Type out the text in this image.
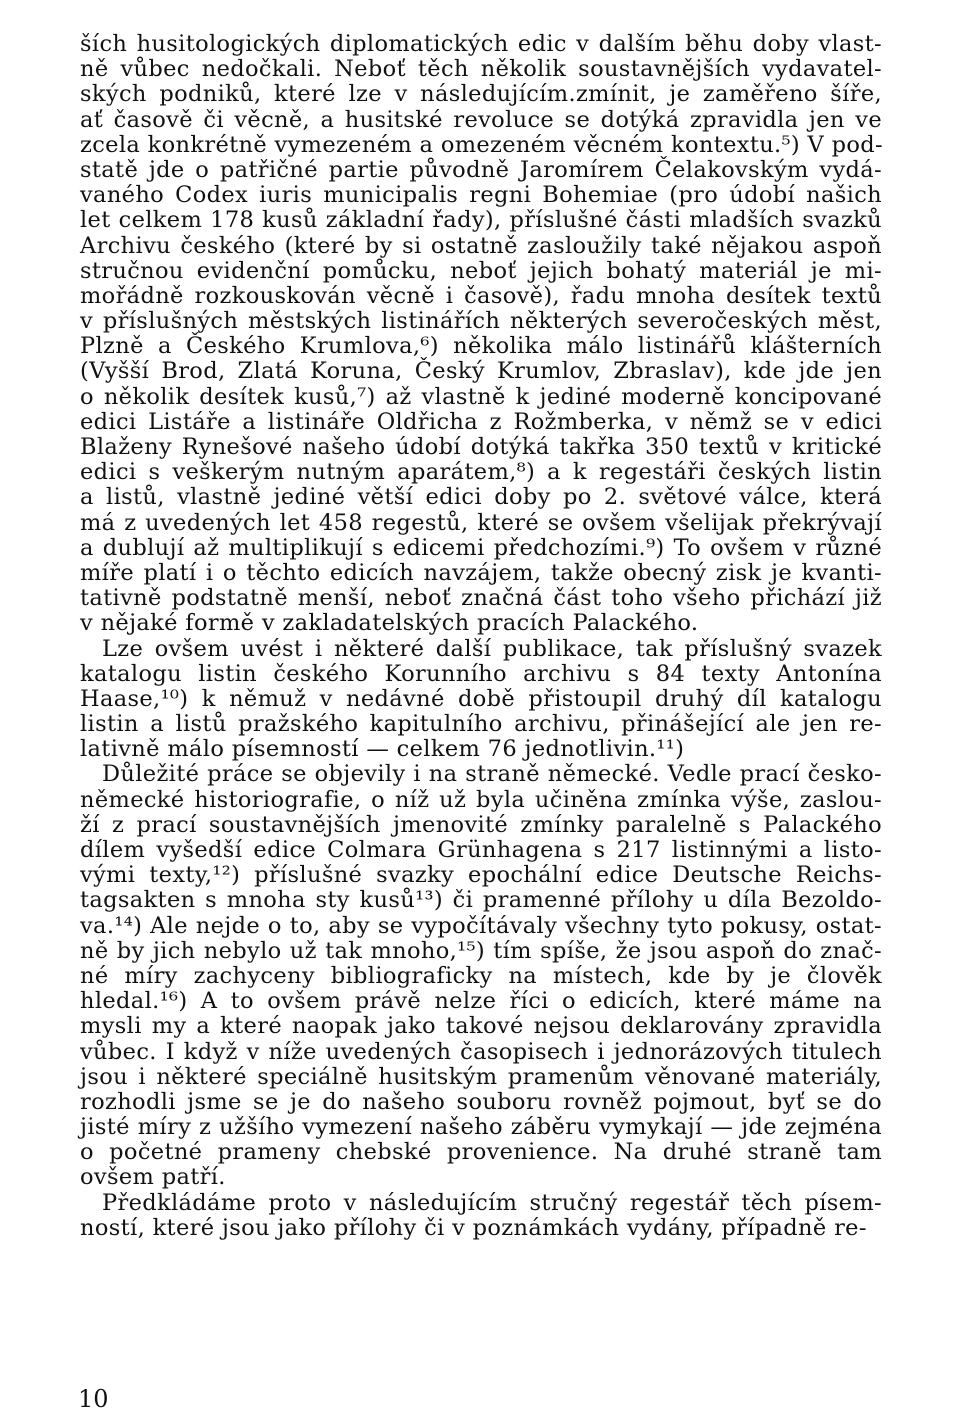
ších husitologických diplomatických edic v dalším běhu doby vlast-
ně vůbec nedočkali. Neboť těch několik soustavnějších vydavatel-
ských podniků, které lze v následujícím.zmínit, je zaměřeno šíře,
ať časově či věcně, a husitské revoluce se dotýká zpravidla jen ve
zcela konkrétně vymezeném a omezeném věcném kontextu.⁵) V pod-
statě jde o patřičné partie původně Jaromírem Čelakovským vydá-
vaného Codex iuris municipalis regni Bohemiae (pro údobí našich
let celkem 178 kusů základní řady), příslušné části mladších svazků
Archivu českého (které by si ostatně zasloužily také nějakou aspoň
stručnou evidenční pomůcku, neboť jejich bohatý materiál je mi-
mořádně rozkouskován věcně i časově), řadu mnoha desítek textů
v příslušných městských listinářích některých severočeských měst,
Plzně a Českého Krumlova,⁶) několika málo listinářů klášterních
(Vyšší Brod, Zlatá Koruna, Český Krumlov, Zbraslav), kde jde jen
o několik desítek kusů,⁷) až vlastně k jediné moderně koncipované
edici Listáře a listináře Oldřicha z Rožmberka, v němž se v edici
Blaženy Rynešové našeho údobí dotýká takřka 350 textů v kritické
edici s veškerým nutným aparátem,⁸) a k regestáři českých listin
a listů, vlastně jediné větší edici doby po 2. světové válce, která
má z uvedených let 458 regestů, které se ovšem všelijak překrývají
a dublují až multiplikují s edicemi předchozími.⁹) To ovšem v různé
míře platí i o těchto edicích navzájem, takže obecný zisk je kvanti-
tativně podstatně menší, neboť značná část toho všeho přichází již
v nějaké formě v zakladatelských pracích Palackého.
Lze ovšem uvést i některé další publikace, tak příslušný svazek
katalogu listin českého Korunního archivu s 84 texty Antonína
Haase,¹⁰) k němuž v nedávné době přistoupil druhý díl katalogu
listin a listů pražského kapitulního archivu, přinášející ale jen re-
lativně málo písemností — celkem 76 jednotlivin.¹¹)
Důležité práce se objevily i na straně německé. Vedle prací česko-
německé historiografie, o níž už byla učiněna zmínka výše, zaslou-
ží z prací soustavnějších jmenovité zmínky paralelně s Palackého
dílem vyšedší edice Colmara Grünhagena s 217 listinnými a listo-
vými texty,¹²) příslušné svazky epochální edice Deutsche Reichs-
tagsakten s mnoha sty kusů¹³) či pramenné přílohy u díla Bezoldo-
va.¹⁴) Ale nejde o to, aby se vypočítávaly všechny tyto pokusy, ostat-
ně by jich nebylo už tak mnoho,¹⁵) tím spíše, že jsou aspoň do znač-
né míry zachyceny bibliograficky na místech, kde by je člověk
hledal.¹⁶) A to ovšem právě nelze říci o edicích, které máme na
mysli my a které naopak jako takové nejsou deklarovány zpravidla
vůbec. I když v níže uvedených časopisech i jednorázových titulech
jsou i některé speciálně husitským pramenům věnované materiály,
rozhodli jsme se je do našeho souboru rovněž pojmout, byť se do
jisté míry z užšího vymezení našeho záběru vymykají — jde zejména
o početné prameny chebské provenience. Na druhé straně tam
ovšem patří.
Předkládáme proto v následujícím stručný regestář těch písem-
ností, které jsou jako přílohy či v poznámkách vydány, případně re-
10
